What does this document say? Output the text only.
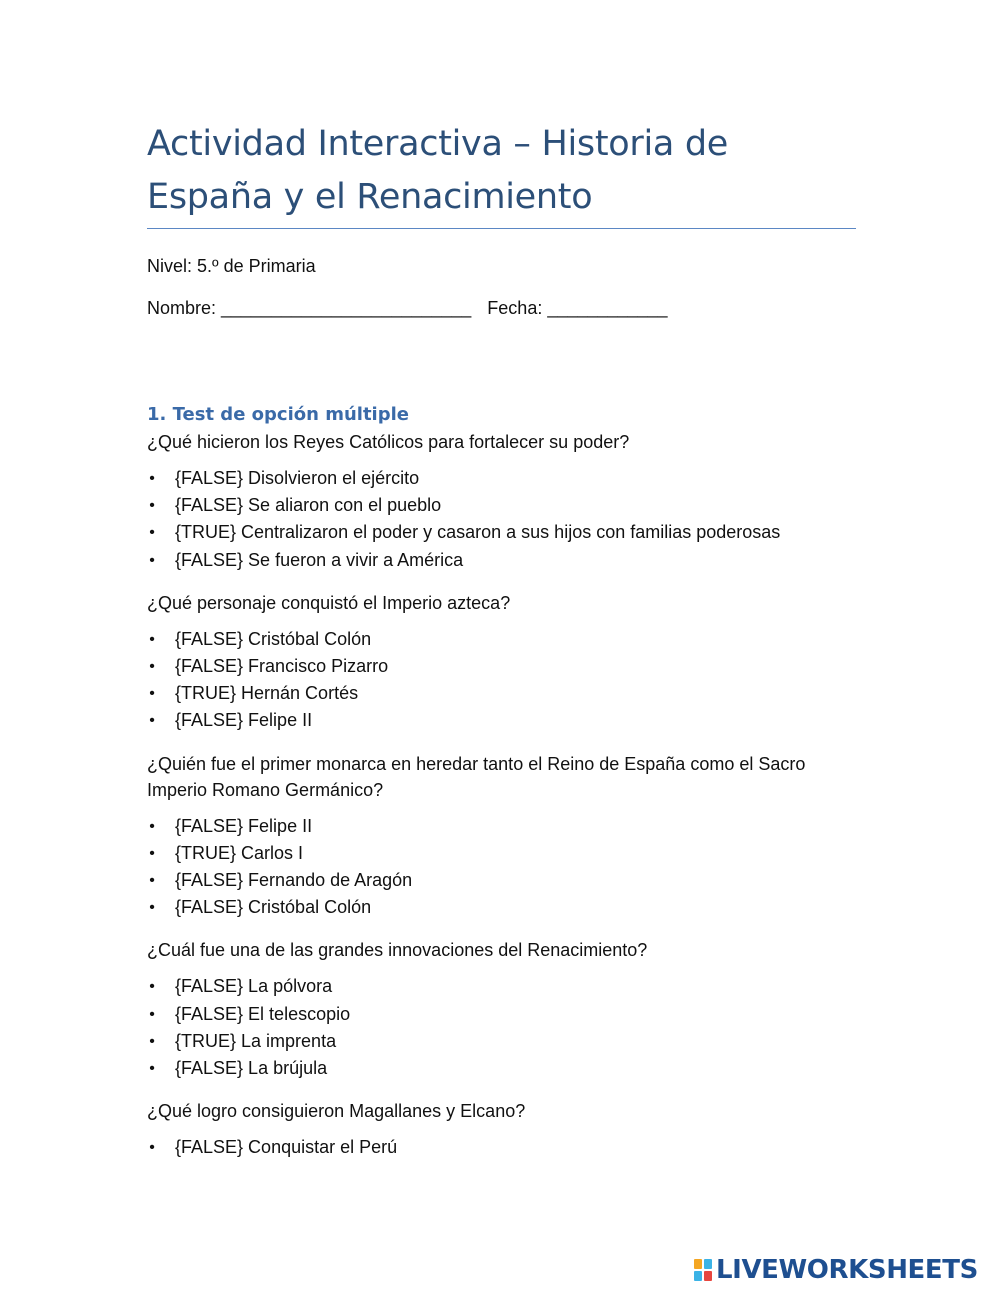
Actividad Interactiva – Historia de
España y el Renacimiento
Nivel: 5.º de Primaria
Nombre: _________________________ Fecha: ____________
1. Test de opción múltiple
¿Qué hicieron los Reyes Católicos para fortalecer su poder?
• {FALSE} Disolvieron el ejército
• {FALSE} Se aliaron con el pueblo
• {TRUE} Centralizaron el poder y casaron a sus hijos con familias poderosas
• {FALSE} Se fueron a vivir a América
¿Qué personaje conquistó el Imperio azteca?
• {FALSE} Cristóbal Colón
• {FALSE} Francisco Pizarro
• {TRUE} Hernán Cortés
• {FALSE} Felipe II
¿Quién fue el primer monarca en heredar tanto el Reino de España como el Sacro Imperio Romano Germánico?
• {FALSE} Felipe II
• {TRUE} Carlos I
• {FALSE} Fernando de Aragón
• {FALSE} Cristóbal Colón
¿Cuál fue una de las grandes innovaciones del Renacimiento?
• {FALSE} La pólvora
• {FALSE} El telescopio
• {TRUE} La imprenta
• {FALSE} La brújula
¿Qué logro consiguieron Magallanes y Elcano?
• {FALSE} Conquistar el Perú
LIVEWORKSHEETS
